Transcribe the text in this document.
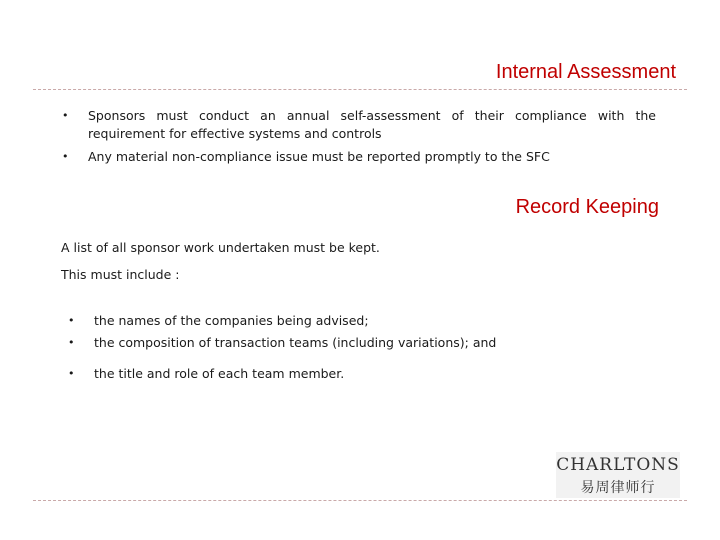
Internal Assessment
• Sponsors must conduct an annual self-assessment of their compliance with the requirement for effective systems and controls
• Any material non-compliance issue must be reported promptly to the SFC
Record Keeping
A list of all sponsor work undertaken must be kept.
This must include :
• the names of the companies being advised;
• the composition of transaction teams (including variations); and
• the title and role of each team member.
CHARLTONS
易周律师行
